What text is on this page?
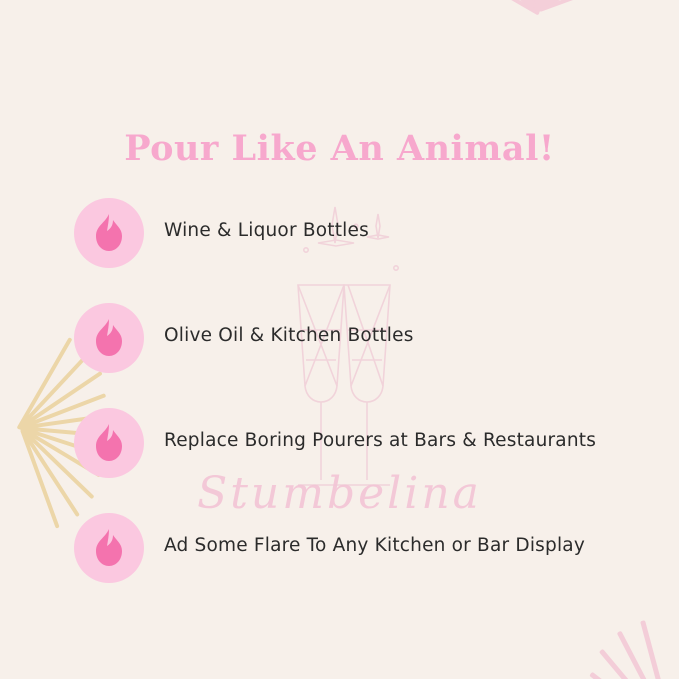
Stumbelina
Pour Like An Animal!
Wine & Liquor Bottles
Olive Oil & Kitchen Bottles
Replace Boring Pourers at Bars & Restaurants
Ad Some Flare To Any Kitchen or Bar Display
